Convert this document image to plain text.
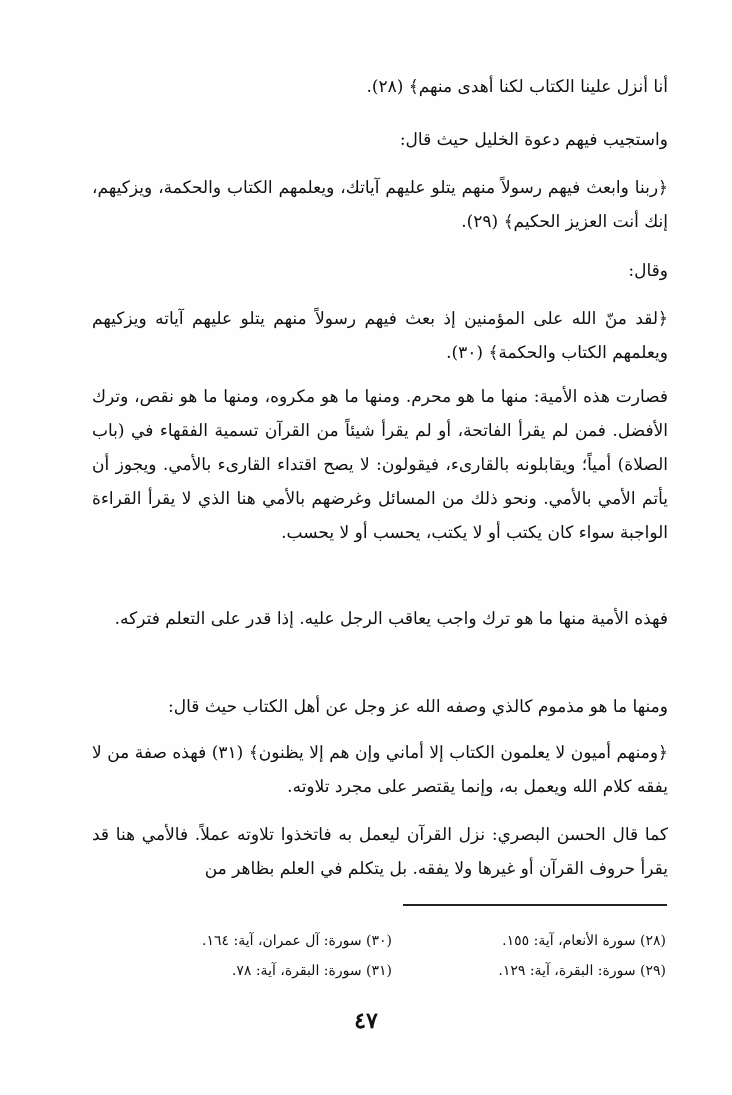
أنا أنزل علينا الكتاب لكنا أهدى منهم﴾ (٢٨).

واستجيب فيهم دعوة الخليل حيث قال:

﴿ربنا وابعث فيهم رسولاً منهم يتلو عليهم آياتك، ويعلمهم الكتاب والحكمة، ويزكيهم، إنك أنت العزيز الحكيم﴾ (٢٩).

وقال:

﴿لقد منّ الله على المؤمنين إذ بعث فيهم رسولاً منهم يتلو عليهم آياته ويزكيهم ويعلمهم الكتاب والحكمة﴾ (٣٠).

فصارت هذه الأمية: منها ما هو محرم. ومنها ما هو مكروه، ومنها ما هو نقص، وترك الأفضل. فمن لم يقرأ الفاتحة، أو لم يقرأ شيئاً من القرآن تسمية الفقهاء في (باب الصلاة) أمياً؛ ويقابلونه بالقارىء، فيقولون: لا يصح اقتداء القارىء بالأمي. ويجوز أن يأتم الأمي بالأمي. ونحو ذلك من المسائل وغرضهم بالأمي هنا الذي لا يقرأ القراءة الواجبة سواء كان يكتب أو لا يكتب، يحسب أو لا يحسب.

فهذه الأمية منها ما هو ترك واجب يعاقب الرجل عليه. إذا قدر على التعلم فتركه.

ومنها ما هو مذموم كالذي وصفه الله عز وجل عن أهل الكتاب حيث قال:

﴿ومنهم أميون لا يعلمون الكتاب إلا أماني وإن هم إلا يظنون﴾ (٣١) فهذه صفة من لا يفقه كلام الله ويعمل به، وإنما يقتصر على مجرد تلاوته.

كما قال الحسن البصري: نزل القرآن ليعمل به فاتخذوا تلاوته عملاً. فالأمي هنا قد يقرأ حروف القرآن أو غيرها ولا يفقه. بل يتكلم في العلم بظاهر من

(٢٨) سورة الأنعام، آية: ١٥٥.
(٣٠) سورة: آل عمران، آية: ١٦٤.
(٢٩) سورة: البقرة، آية: ١٢٩.
(٣١) سورة: البقرة، آية: ٧٨.
٤٧
